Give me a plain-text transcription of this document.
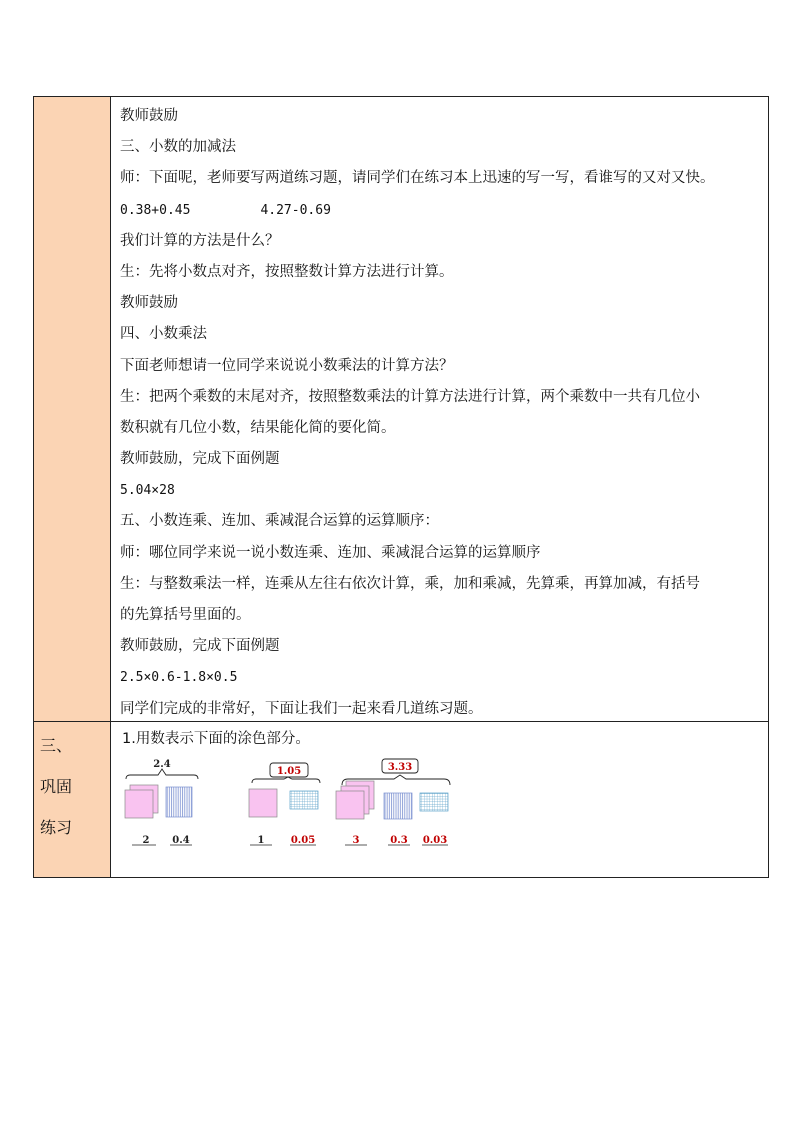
三、
巩固
练习
教师鼓励
三、小数的加减法
师：下面呢，老师要写两道练习题，请同学们在练习本上迅速的写一写，看谁写的又对又快。
0.38+0.45	4.27-0.69
我们计算的方法是什么？
生：先将小数点对齐，按照整数计算方法进行计算。
教师鼓励
四、小数乘法
下面老师想请一位同学来说说小数乘法的计算方法？
生：把两个乘数的末尾对齐，按照整数乘法的计算方法进行计算，两个乘数中一共有几位小
数积就有几位小数，结果能化简的要化简。
教师鼓励，完成下面例题
5.04×28
五、小数连乘、连加、乘减混合运算的运算顺序：
师：哪位同学来说一说小数连乘、连加、乘减混合运算的运算顺序
生：与整数乘法一样，连乘从左往右依次计算，乘，加和乘减，先算乘，再算加减，有括号
的先算括号里面的。
教师鼓励，完成下面例题
2.5×0.6-1.8×0.5
同学们完成的非常好，下面让我们一起来看几道练习题。
1.用数表示下面的涂色部分。
2.4
2 0.4
1.05
1	0.05
3.33
3	0.3 0.03
